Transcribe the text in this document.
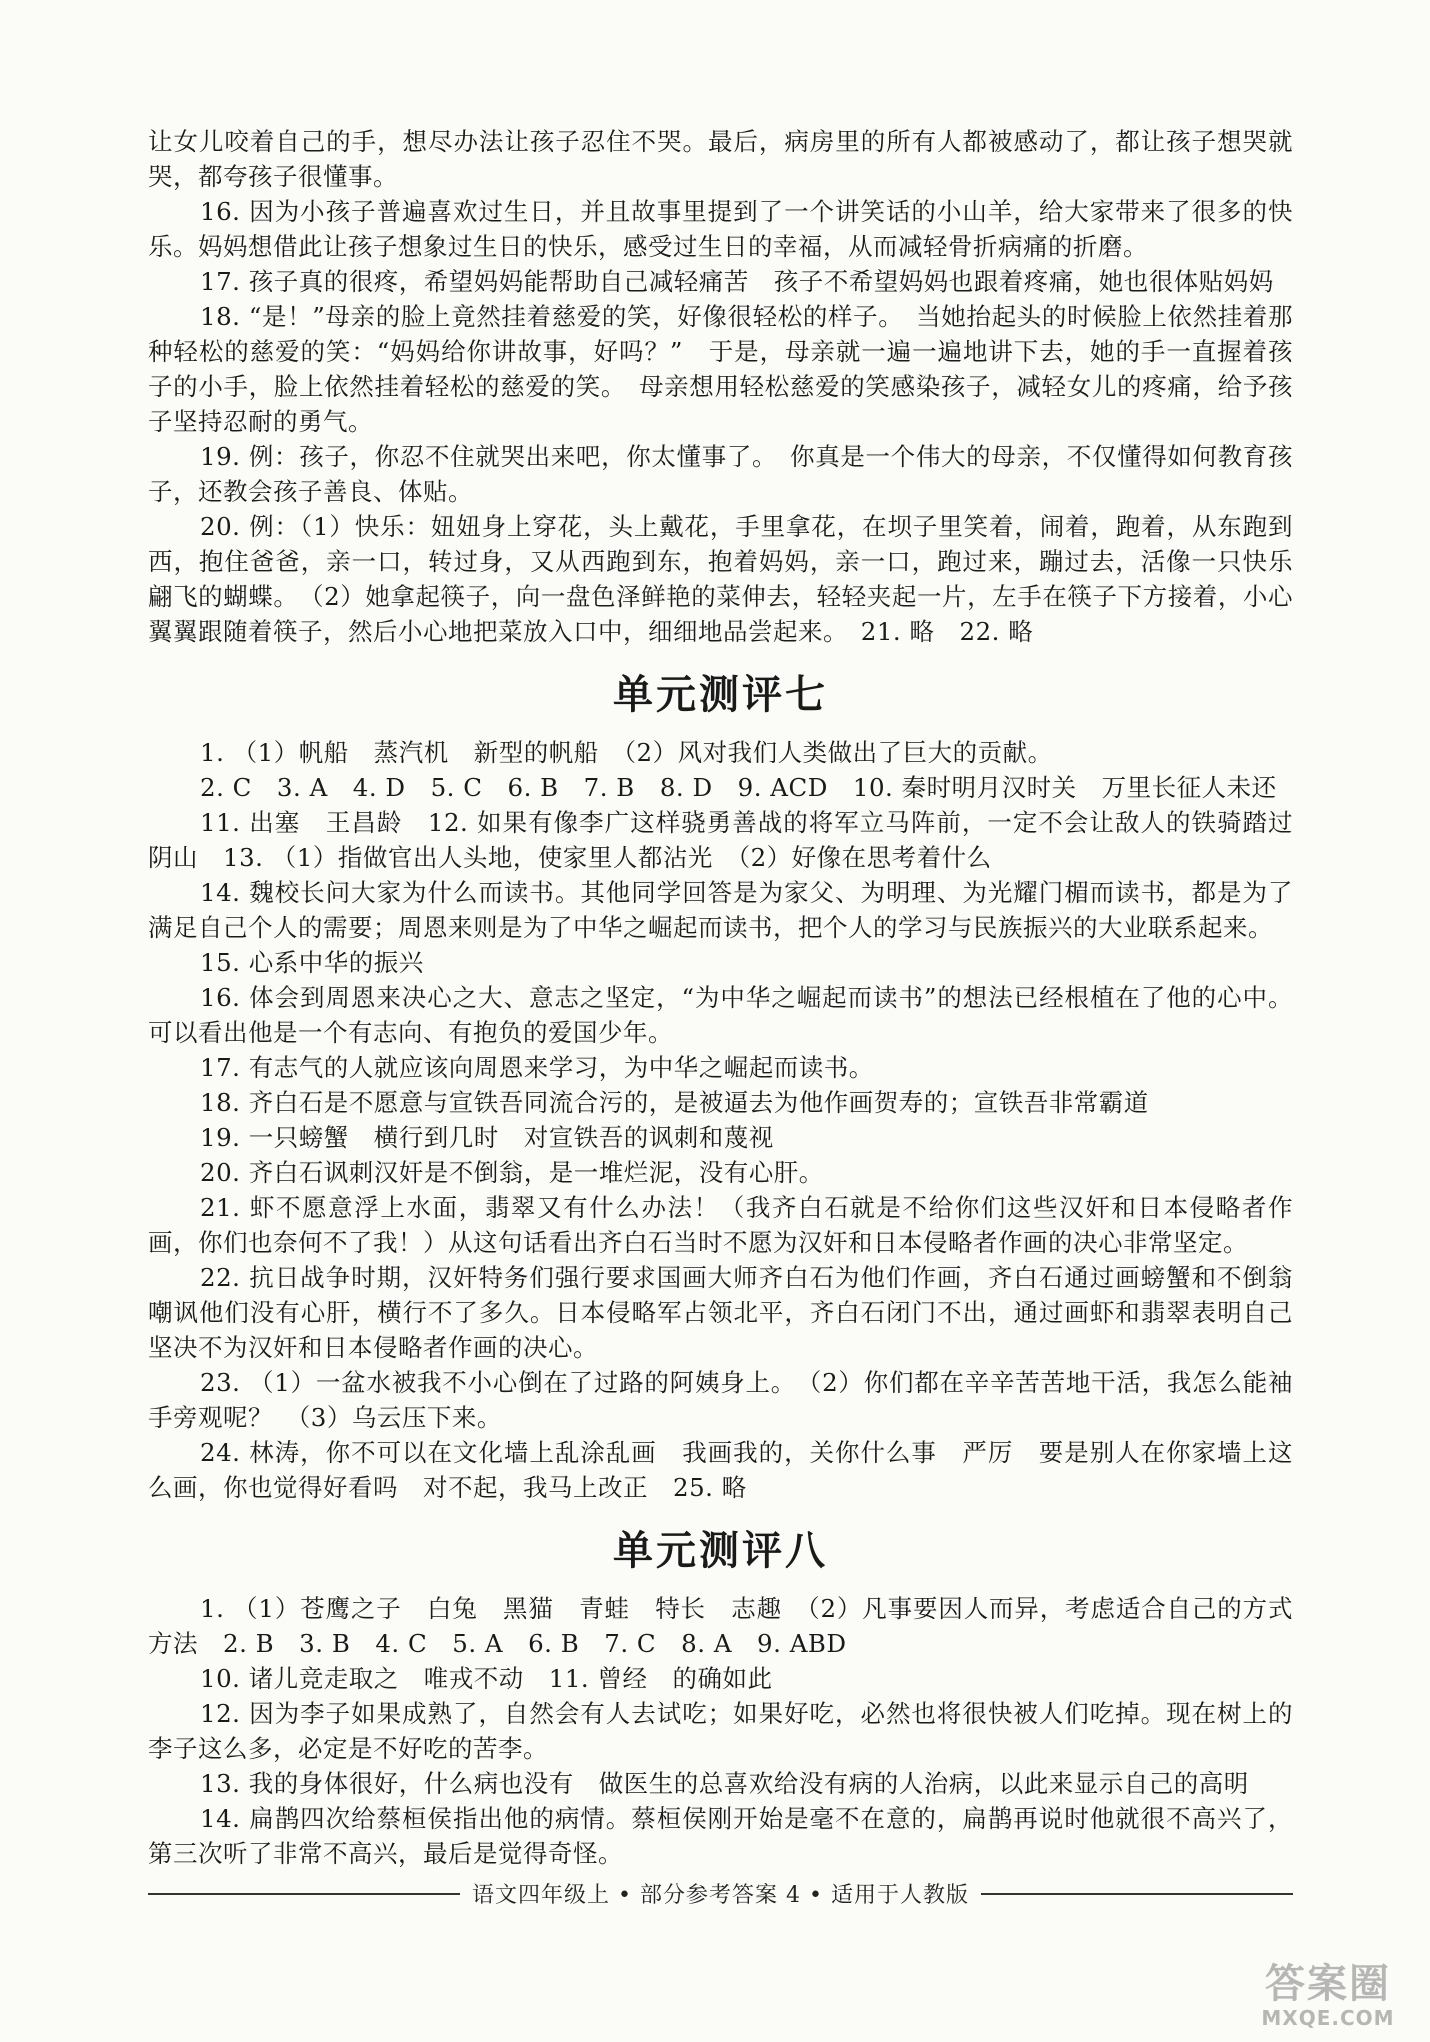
让女儿咬着自己的手，想尽办法让孩子忍住不哭。最后，病房里的所有人都被感动了，都让孩子想哭就哭，都夸孩子很懂事。

16. 因为小孩子普遍喜欢过生日，并且故事里提到了一个讲笑话的小山羊，给大家带来了很多的快乐。妈妈想借此让孩子想象过生日的快乐，感受过生日的幸福，从而减轻骨折病痛的折磨。

17. 孩子真的很疼，希望妈妈能帮助自己减轻痛苦　孩子不希望妈妈也跟着疼痛，她也很体贴妈妈

18. “是！”母亲的脸上竟然挂着慈爱的笑，好像很轻松的样子。　当她抬起头的时候脸上依然挂着那种轻松的慈爱的笑：“妈妈给你讲故事，好吗？”　于是，母亲就一遍一遍地讲下去，她的手一直握着孩子的小手，脸上依然挂着轻松的慈爱的笑。　母亲想用轻松慈爱的笑感染孩子，减轻女儿的疼痛，给予孩子坚持忍耐的勇气。

19. 例：孩子，你忍不住就哭出来吧，你太懂事了。　你真是一个伟大的母亲，不仅懂得如何教育孩子，还教会孩子善良、体贴。

20. 例：（1）快乐：妞妞身上穿花，头上戴花，手里拿花，在坝子里笑着，闹着，跑着，从东跑到西，抱住爸爸，亲一口，转过身，又从西跑到东，抱着妈妈，亲一口，跑过来，蹦过去，活像一只快乐翩飞的蝴蝶。　（2）她拿起筷子，向一盘色泽鲜艳的菜伸去，轻轻夹起一片，左手在筷子下方接着，小心翼翼跟随着筷子，然后小心地把菜放入口中，细细地品尝起来。　21. 略　22. 略

单元测评七

1. （1）帆船　蒸汽机　新型的帆船　（2）风对我们人类做出了巨大的贡献。

2. C　3. A　4. D　5. C　6. B　7. B　8. D　9. ACD　10. 秦时明月汉时关　万里长征人未还

11. 出塞　王昌龄　12. 如果有像李广这样骁勇善战的将军立马阵前，一定不会让敌人的铁骑踏过阴山　13. （1）指做官出人头地，使家里人都沾光　（2）好像在思考着什么

14. 魏校长问大家为什么而读书。其他同学回答是为家父、为明理、为光耀门楣而读书，都是为了满足自己个人的需要；周恩来则是为了中华之崛起而读书，把个人的学习与民族振兴的大业联系起来。

15. 心系中华的振兴

16. 体会到周恩来决心之大、意志之坚定，“为中华之崛起而读书”的想法已经根植在了他的心中。可以看出他是一个有志向、有抱负的爱国少年。

17. 有志气的人就应该向周恩来学习，为中华之崛起而读书。

18. 齐白石是不愿意与宣铁吾同流合污的，是被逼去为他作画贺寿的；宣铁吾非常霸道

19. 一只螃蟹　横行到几时　对宣铁吾的讽刺和蔑视

20. 齐白石讽刺汉奸是不倒翁，是一堆烂泥，没有心肝。

21. 虾不愿意浮上水面，翡翠又有什么办法！（我齐白石就是不给你们这些汉奸和日本侵略者作画，你们也奈何不了我！）从这句话看出齐白石当时不愿为汉奸和日本侵略者作画的决心非常坚定。

22. 抗日战争时期，汉奸特务们强行要求国画大师齐白石为他们作画，齐白石通过画螃蟹和不倒翁嘲讽他们没有心肝，横行不了多久。日本侵略军占领北平，齐白石闭门不出，通过画虾和翡翠表明自己坚决不为汉奸和日本侵略者作画的决心。

23. （1）一盆水被我不小心倒在了过路的阿姨身上。　（2）你们都在辛辛苦苦地干活，我怎么能袖手旁观呢？　（3）乌云压下来。

24. 林涛，你不可以在文化墙上乱涂乱画　我画我的，关你什么事　严厉　要是别人在你家墙上这么画，你也觉得好看吗　对不起，我马上改正　25. 略

单元测评八

1. （1）苍鹰之子　白兔　黑猫　青蛙　特长　志趣　（2）凡事要因人而异，考虑适合自己的方式方法　2. B　3. B　4. C　5. A　6. B　7. C　8. A　9. ABD

10. 诸儿竞走取之　唯戎不动　11. 曾经　的确如此

12. 因为李子如果成熟了，自然会有人去试吃；如果好吃，必然也将很快被人们吃掉。现在树上的李子这么多，必定是不好吃的苦李。

13. 我的身体很好，什么病也没有　做医生的总喜欢给没有病的人治病，以此来显示自己的高明

14. 扁鹊四次给蔡桓侯指出他的病情。蔡桓侯刚开始是毫不在意的，扁鹊再说时他就很不高兴了，第三次听了非常不高兴，最后是觉得奇怪。

语文四年级上 • 部分参考答案 4 • 适用于人教版
答案圈
MXQE.COM
